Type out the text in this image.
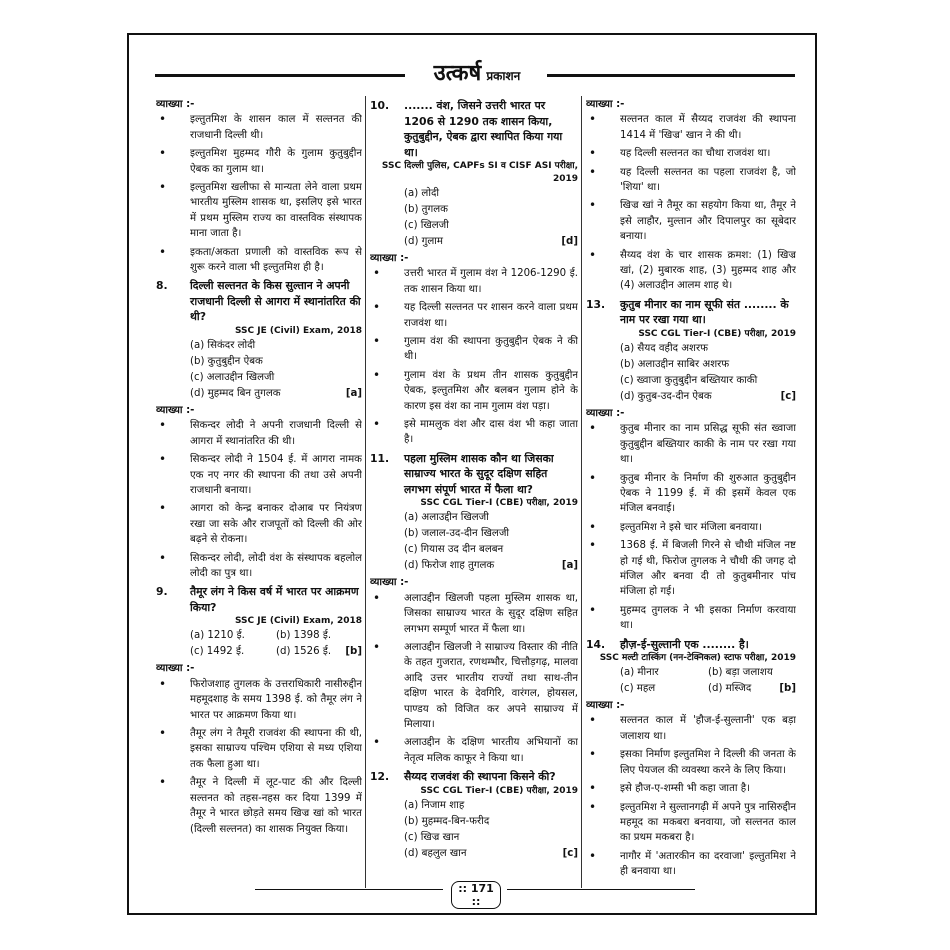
उत्कर्ष प्रकाशन
व्याख्या :-
• इल्तुतमिश के शासन काल में सल्तनत की राजधानी दिल्ली थी।
• इल्तुतमिश मुहम्मद गौरी के गुलाम कुतुबुद्दीन ऐबक का गुलाम था।
• इल्तुतमिश खलीफा से मान्यता लेने वाला प्रथम भारतीय मुस्लिम शासक था, इसलिए इसे भारत में प्रथम मुस्लिम राज्य का वास्तविक संस्थापक माना जाता है।
• इकता/अकता प्रणाली को वास्तविक रूप से शुरू करने वाला भी इल्तुतमिश ही है।
8. दिल्ली सल्तनत के किस सुल्तान ने अपनी राजधानी दिल्ली से आगरा में स्थानांतरित की थी?
SSC JE (Civil) Exam, 2018
(a) सिकंदर लोदी
(b) कुतुबुद्दीन ऐबक
(c) अलाउद्दीन खिलजी
(d) मुहम्मद बिन तुगलक	[a]
व्याख्या :-
• सिकन्दर लोदी ने अपनी राजधानी दिल्ली से आगरा में स्थानांतरित की थी।
• सिकन्दर लोदी ने 1504 ई. में आगरा नामक एक नए नगर की स्थापना की तथा उसे अपनी राजधानी बनाया।
• आगरा को केन्द्र बनाकर दोआब पर नियंत्रण रखा जा सके और राजपूतों को दिल्ली की ओर बढ़ने से रोकना।
• सिकन्दर लोदी, लोदी वंश के संस्थापक बहलोल लोदी का पुत्र था।
9. तैमूर लंग ने किस वर्ष में भारत पर आक्रमण किया?
SSC JE (Civil) Exam, 2018
(a) 1210 ई.	(b) 1398 ई.
(c) 1492 ई.	(d) 1526 ई. [b]
व्याख्या :-
• फिरोजशाह तुगलक के उत्तराधिकारी नासीरुद्दीन महमूदशाह के समय 1398 ई. को तैमूर लंग ने भारत पर आक्रमण किया था।
• तैमूर लंग ने तैमूरी राजवंश की स्थापना की थी, इसका साम्राज्य पश्चिम एशिया से मध्य एशिया तक फैला हुआ था।
• तैमूर ने दिल्ली में लूट-पाट की और दिल्ली सल्तनत को तहस-नहस कर दिया 1399 में तैमूर ने भारत छोड़ते समय खिज्र खां को भारत (दिल्ली सल्तनत) का शासक नियुक्त किया।
10. ....... वंश, जिसने उत्तरी भारत पर 1206 से 1290 तक शासन किया, कुतुबुद्दीन, ऐबक द्वारा स्थापित किया गया था।
SSC दिल्ली पुलिस, CAPFs SI व CISF ASI परीक्षा, 2019
(a) लोदी
(b) तुगलक
(c) खिलजी
(d) गुलाम	[d]
व्याख्या :-
• उत्तरी भारत में गुलाम वंश ने 1206-1290 ई. तक शासन किया था।
• यह दिल्ली सल्तनत पर शासन करने वाला प्रथम राजवंश था।
• गुलाम वंश की स्थापना कुतुबुद्दीन ऐबक ने की थी।
• गुलाम वंश के प्रथम तीन शासक कुतुबुद्दीन ऐबक, इल्तुतमिश और बलबन गुलाम होने के कारण इस वंश का नाम गुलाम वंश पड़ा।
• इसे मामलुक वंश और दास वंश भी कहा जाता है।
11. पहला मुस्लिम शासक कौन था जिसका साम्राज्य भारत के सुदूर दक्षिण सहित लगभग संपूर्ण भारत में फैला था?
SSC CGL Tier-I (CBE) परीक्षा, 2019
(a) अलाउद्दीन खिलजी
(b) जलाल-उद-दीन खिलजी
(c) गियास उद दीन बलबन
(d) फिरोज शाह तुगलक	[a]
व्याख्या :-
• अलाउद्दीन खिलजी पहला मुस्लिम शासक था, जिसका साम्राज्य भारत के सुदूर दक्षिण सहित लगभग सम्पूर्ण भारत में फैला था।
• अलाउद्दीन खिलजी ने साम्राज्य विस्तार की नीति के तहत गुजरात, रणथम्भौर, चित्तौड़गढ़, मालवा आदि उत्तर भारतीय राज्यों तथा साथ-तीन दक्षिण भारत के देवगिरि, वारंगल, होयसल, पाण्डय को विजित कर अपने साम्राज्य में मिलाया।
• अलाउद्दीन के दक्षिण भारतीय अभियानों का नेतृत्व मलिक काफूर ने किया था।
12. सैय्यद राजवंश की स्थापना किसने की?
SSC CGL Tier-I (CBE) परीक्षा, 2019
(a) निजाम शाह
(b) मुहम्मद-बिन-फरीद
(c) खिज्र खान
(d) बहलुल खान	[c]
व्याख्या :-
• सल्तनत काल में सैय्यद राजवंश की स्थापना 1414 में 'खिज्र' खान ने की थी।
• यह दिल्ली सल्तनत का चौथा राजवंश था।
• यह दिल्ली सल्तनत का पहला राजवंश है, जो 'शिया' था।
• खिज्र खां ने तैमूर का सहयोग किया था, तैमूर ने इसे लाहौर, मुल्तान और दिपालपुर का सूबेदार बनाया।
• सैय्यद वंश के चार शासक क्रमश: (1) खिज्र खां, (2) मुबारक शाह, (3) मुहम्मद शाह और (4) अलाउद्दीन आलम शाह थे।
13. कुतुब मीनार का नाम सूफी संत ........ के नाम पर रखा गया था।
SSC CGL Tier-I (CBE) परीक्षा, 2019
(a) सैयद वहीद अशरफ
(b) अलाउद्दीन साबिर अशरफ
(c) ख्वाजा कुतुबुद्दीन बख्तियार काकी
(d) कुतुब-उद-दीन ऐबक	[c]
व्याख्या :-
• कुतुब मीनार का नाम प्रसिद्ध सूफी संत ख्वाजा कुतुबुद्दीन बख्तियार काकी के नाम पर रखा गया था।
• कुतुब मीनार के निर्माण की शुरुआत कुतुबुद्दीन ऐबक ने 1199 ई. में की इसमें केवल एक मंजिल बनवाई।
• इल्तुतमिश ने इसे चार मंजिला बनवाया।
• 1368 ई. में बिजली गिरने से चौथी मंजिल नष्ट हो गई थी, फिरोज तुगलक ने चौथी की जगह दो मंजिल और बनवा दी तो कुतुबमीनार पांच मंजिला हो गई।
• मुहम्मद तुगलक ने भी इसका निर्माण करवाया था।
14. हौज़-ई-सुल्तानी एक ........ है।
SSC मल्टी टास्किंग (नन-टेक्निकल) स्टाफ परीक्षा, 2019
(a) मीनार	(b) बड़ा जलाशय
(c) महल	(d) मस्जिद	[b]
व्याख्या :-
• सल्तनत काल में 'हौज-ई-सुल्तानी' एक बड़ा जलाशय था।
• इसका निर्माण इल्तुतमिश ने दिल्ली की जनता के लिए पेयजल की व्यवस्था करने के लिए किया।
• इसे हौज-ए-शम्सी भी कहा जाता है।
• इल्तुतमिश ने सुल्तानगढ़ी में अपने पुत्र नासिरुद्दीन महमूद का मकबरा बनवाया, जो सल्तनत काल का प्रथम मकबरा है।
• नागौर में 'अतारकीन का दरवाजा' इल्तुतमिश ने ही बनवाया था।
:: 171 ::
